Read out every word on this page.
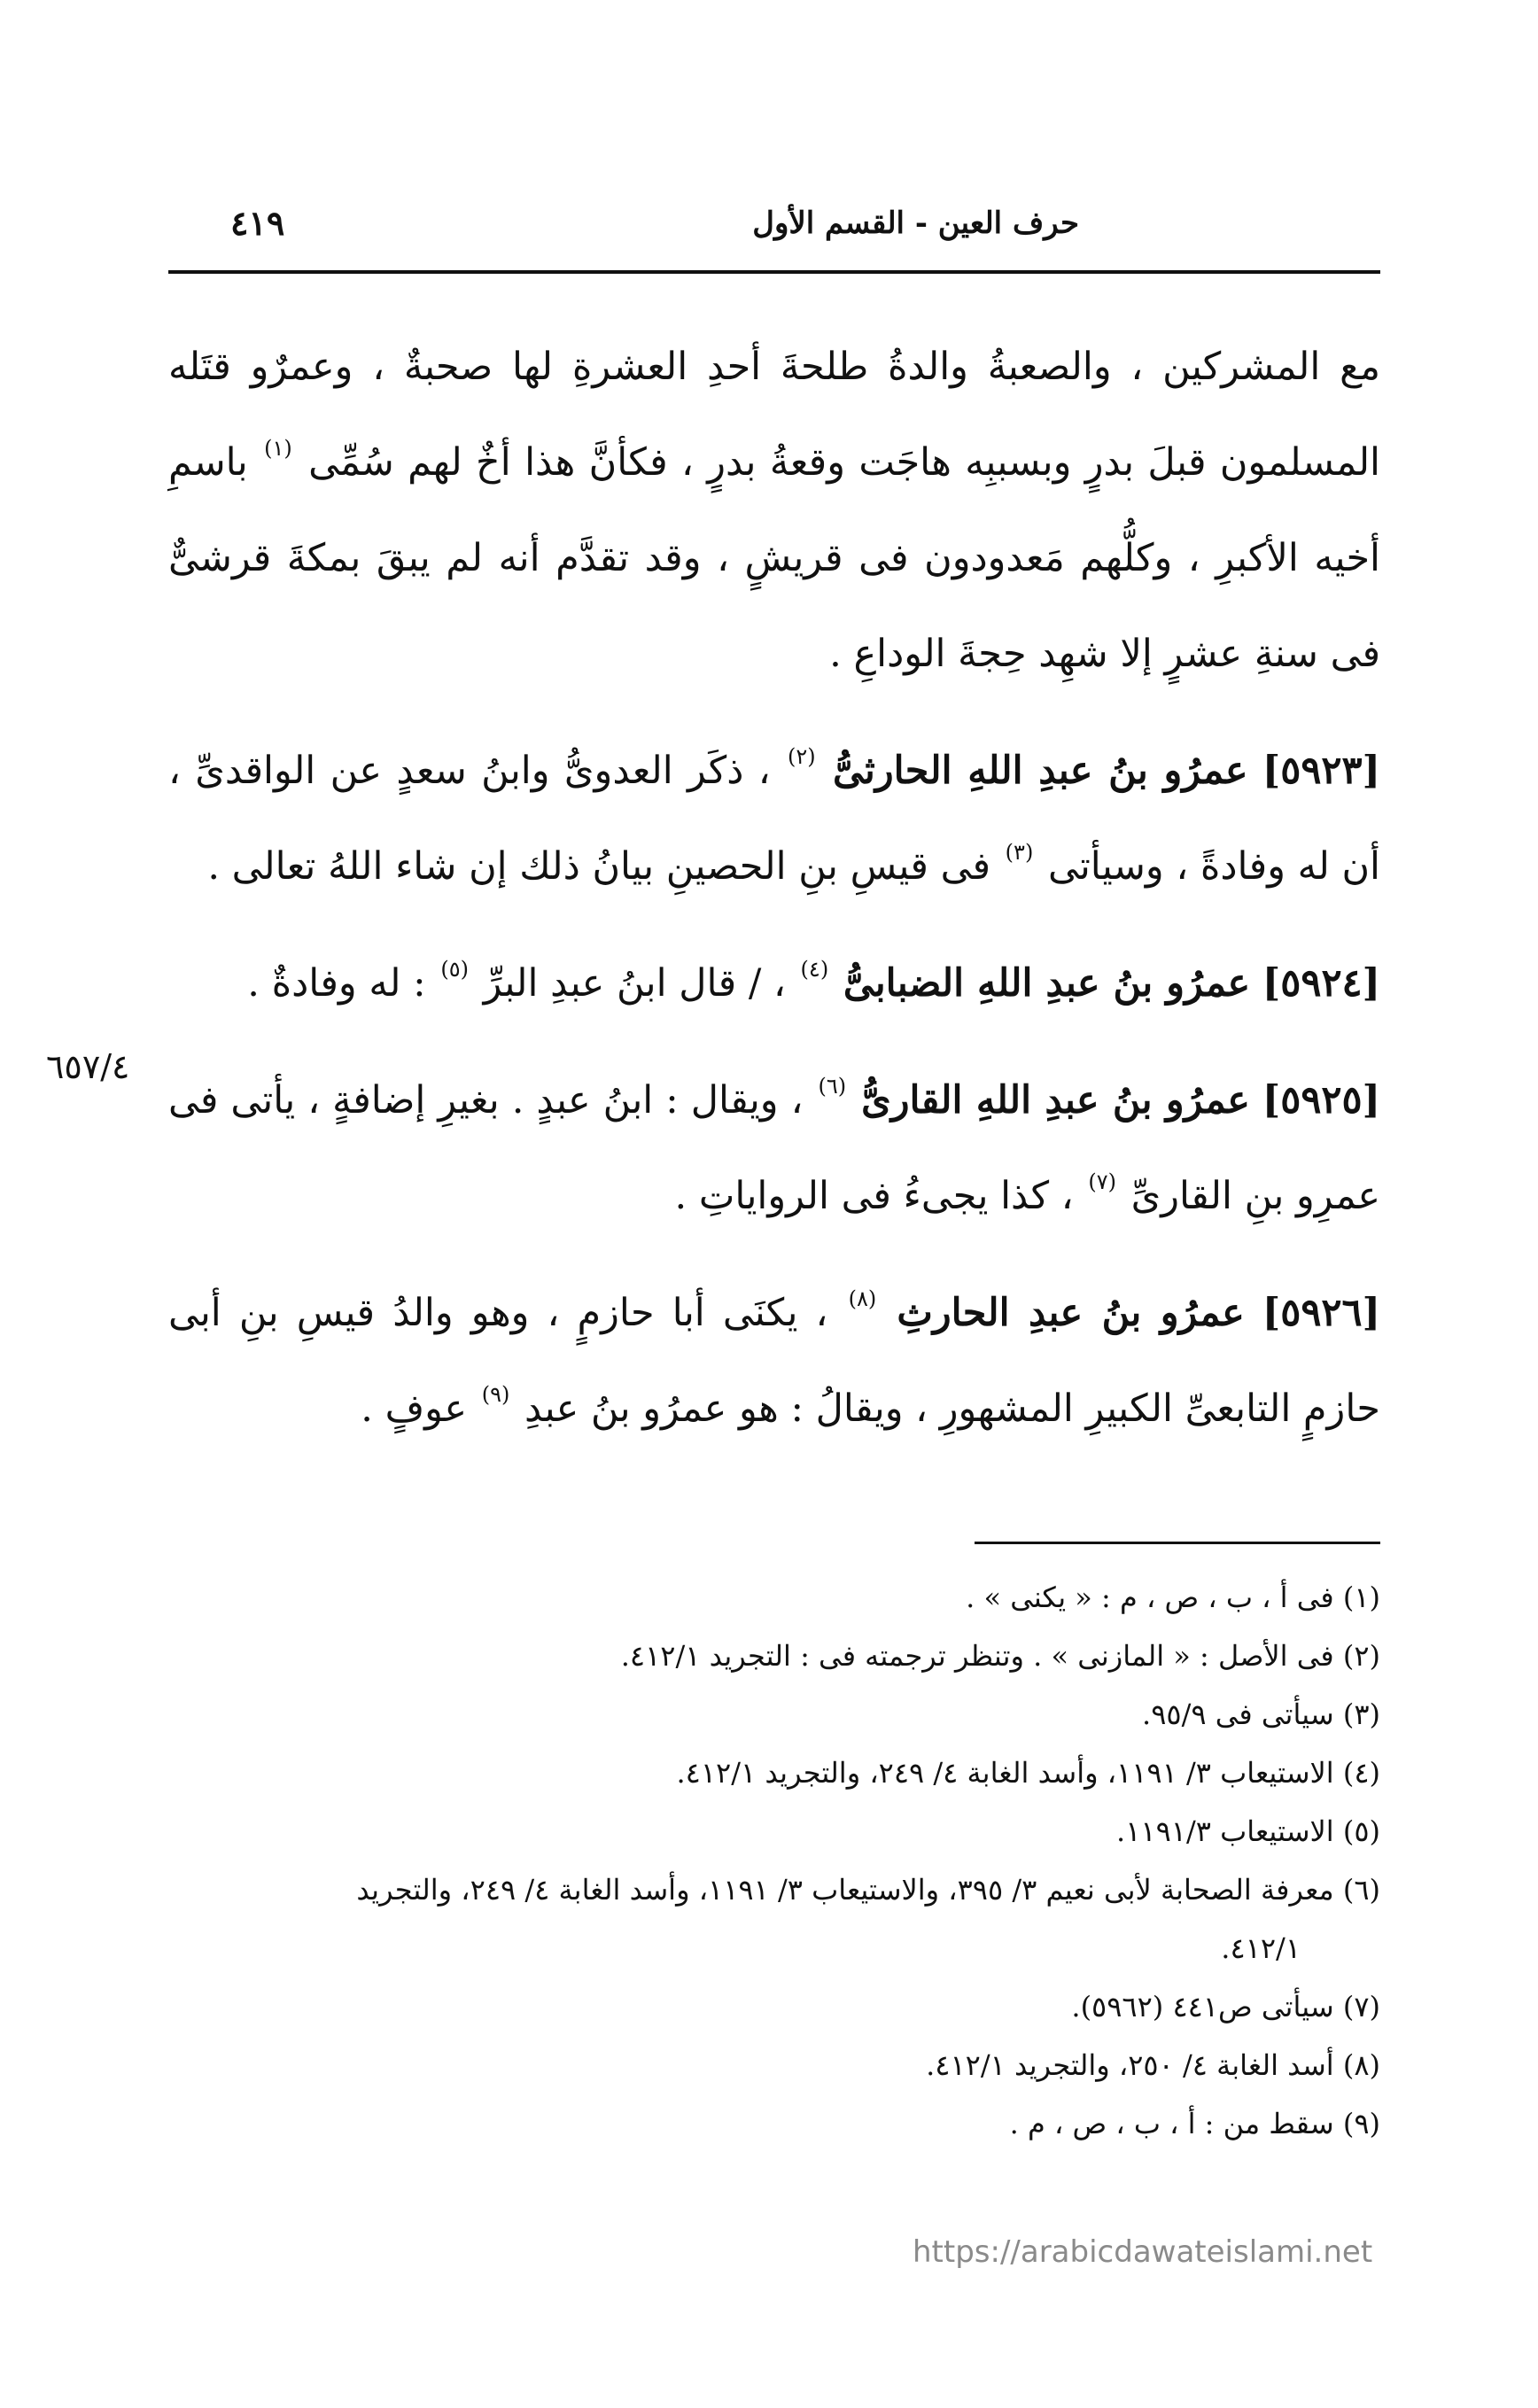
حرف العين - القسم الأول
٤١٩

مع المشركين ، والصعبةُ والدةُ طلحةَ أحدِ العشرةِ لها صحبةٌ ، وعمرٌو قتَله المسلمون قبلَ بدرٍ وبسببِه هاجَت وقعةُ بدرٍ ، فكأنَّ هذا أخٌ لهم سُمِّى $^{(١)}$ باسمِ أخيه الأكبرِ ، وكلُّهم مَعدودون فى قريشٍ ، وقد تقدَّم أنه لم يبقَ بمكةَ قرشىٌّ فى سنةِ عشرٍ إلا شهِد حِجةَ الوداعِ .

[٥٩٢٣] عمرُو بنُ عبدِ اللهِ الحارثىُّ $^{(٢)}$ ، ذكَر العدوىُّ وابنُ سعدٍ عن الواقدىِّ ، أن له وفادةً ، وسيأتى $^{(٣)}$ فى قيسِ بنِ الحصينِ بيانُ ذلك إن شاء اللهُ تعالى .

[٥٩٢٤] عمرُو بنُ عبدِ اللهِ الضبابىُّ $^{(٤)}$ ، / قال ابنُ عبدِ البرِّ $^{(٥)}$ : له وفادةٌ .

[٥٩٢٥] عمرُو بنُ عبدِ اللهِ القارىُّ $^{(٦)}$ ، ويقال : ابنُ عبدٍ . بغيرِ إضافةٍ ، يأتى فى عمرِو بنِ القارىِّ $^{(٧)}$ ، كذا يجىءُ فى الرواياتِ .

[٥٩٢٦] عمرُو بنُ عبدِ الحارثِ $^{(٨)}$ ، يكنَى أبا حازمٍ ، وهو والدُ قيسِ بنِ أبى حازمٍ التابعىِّ الكبيرِ المشهورِ ، ويقالُ : هو عمرُو بنُ عبدِ $^{(٩)}$ عوفٍ .

٦٥٧/٤
(١) فى أ ، ب ، ص ، م : « يكنى » .
(٢) فى الأصل : « المازنى » . وتنظر ترجمته فى : التجريد ٤١٢/١.
(٣) سيأتى فى ٩٥/٩.
(٤) الاستيعاب ٣/ ١١٩١، وأسد الغابة ٤/ ٢٤٩، والتجريد ٤١٢/١.
(٥) الاستيعاب ١١٩١/٣.
(٦) معرفة الصحابة لأبى نعيم ٣/ ٣٩٥، والاستيعاب ٣/ ١١٩١، وأسد الغابة ٤/ ٢٤٩، والتجريد
٤١٢/١.
(٧) سيأتى ص٤٤١ (٥٩٦٢).
(٨) أسد الغابة ٤/ ٢٥٠، والتجريد ٤١٢/١.
(٩) سقط من : أ ، ب ، ص ، م .
https://arabicdawateislami.net
